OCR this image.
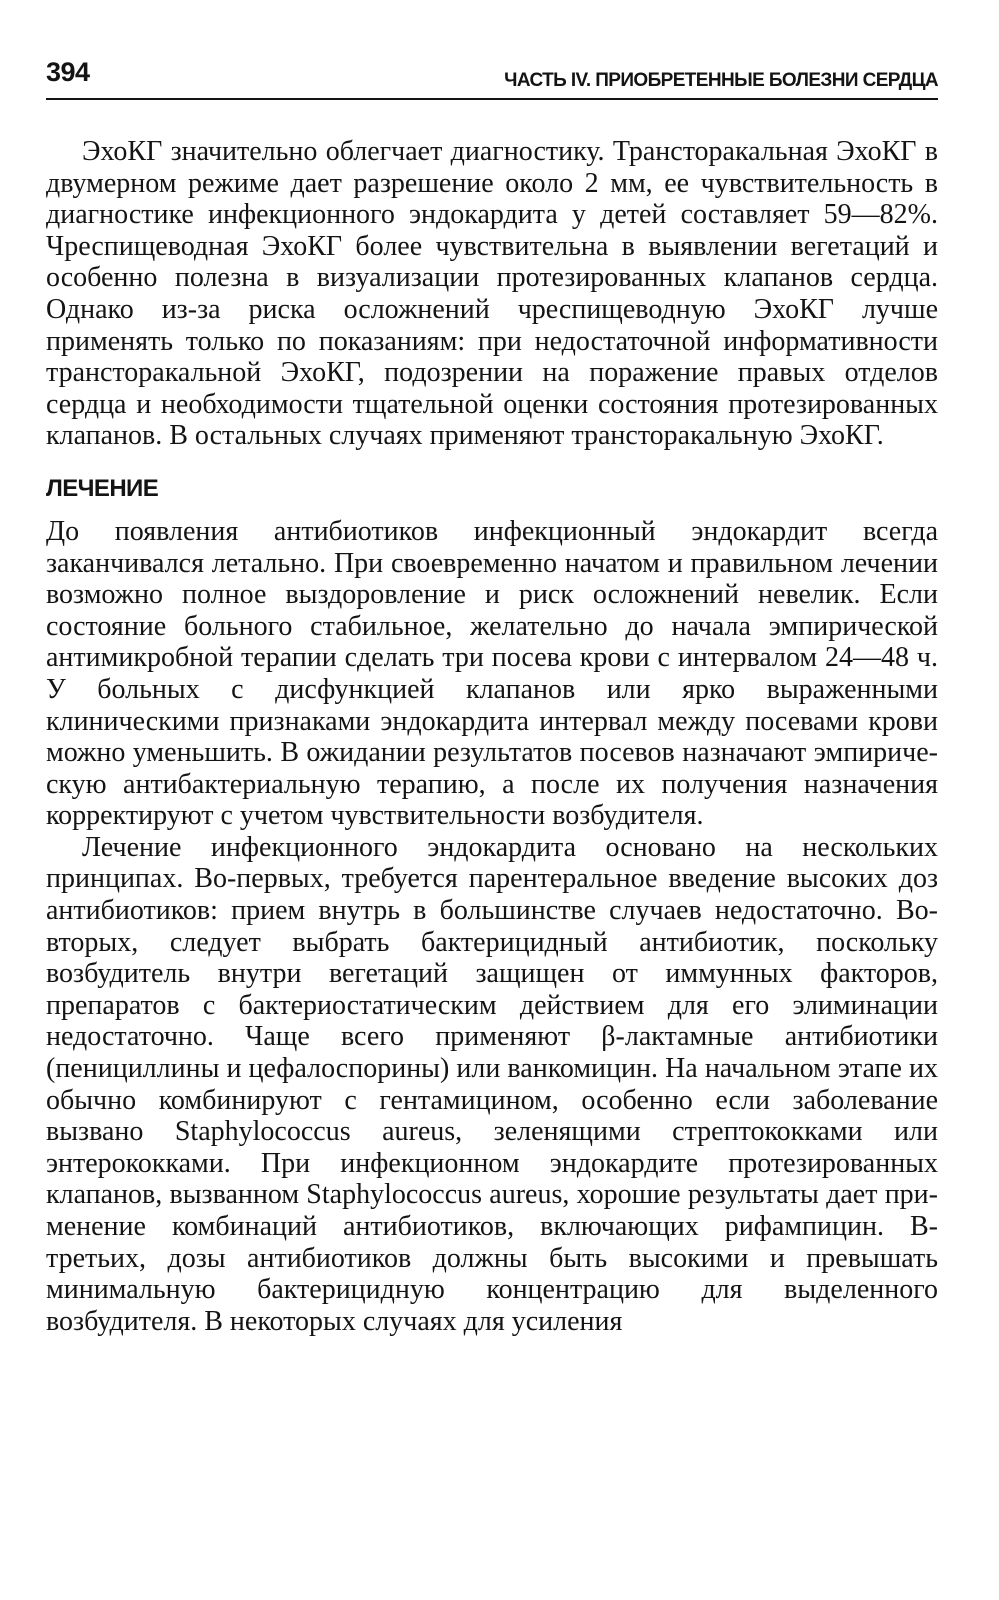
394	ЧАСТЬ IV. ПРИОБРЕТЕННЫЕ БОЛЕЗНИ СЕРДЦА

ЭхоКГ значительно облегчает диагностику. Трансторакальная ЭхоКГ в двумерном режиме дает разрешение около 2 мм, ее чувствительность в диагностике инфекционного эндокардита у детей составляет 59—82%. Чреспищеводная ЭхоКГ более чувствительна в выявлении вегетаций и особенно полезна в визуализации протезированных клапанов сердца. Однако из-за риска осложнений чреспищеводную ЭхоКГ лучше применять только по показаниям: при недостаточной информативности трансторакальной ЭхоКГ, подозрении на поражение правых отделов сердца и необходимости тщательной оценки состояния протезированных клапанов. В остальных случаях применяют трансторaкальную ЭхоКГ.

ЛЕЧЕНИЕ

До появления антибиотиков инфекционный эндокардит всегда заканчивался летально. При своевременно начатом и правильном лечении возможно полное выздоровление и риск осложнений невелик. Если состояние больного стабильное, желательно до начала эмпирической антимикробной терапии сделать три посева крови с интервалом 24—48 ч. У больных с дисфункцией клапанов или ярко выраженными клиническими признаками эндокардита интервал между посевами крови можно уменьшить. В ожидании результатов посевов назначают эмпирическую антибактериальную терапию, а после их получения назначения корректируют с учетом чувствительности возбудителя.

Лечение инфекционного эндокардита основано на нескольких принципах. Во-первых, требуется парентеральное введение высоких доз антибиотиков: прием внутрь в большинстве случаев недостаточно. Во-вторых, следует выбрать бактерицидный антибиотик, поскольку возбудитель внутри вегетаций защищен от иммунных факторов, препаратов с бактериостатическим действием для его элиминации недостаточно. Чаще всего применяют β-лактамные антибиотики (пенициллины и цефалоспорины) или ванкомицин. На начальном этапе их обычно комбинируют с гентамицином, особенно если заболевание вызвано Staphylococcus aureus, зеленящими стрептококками или энтерококками. При инфекционном эндокардите протезированных клапанов, вызванном Staphylococcus aureus, хорошие результаты дает применение комбинаций антибиотиков, включающих рифампицин. В-третьих, дозы антибиотиков должны быть высокими и превышать минимальную бактерицидную концентрацию для выделенного возбудителя. В некоторых случаях для усиления
